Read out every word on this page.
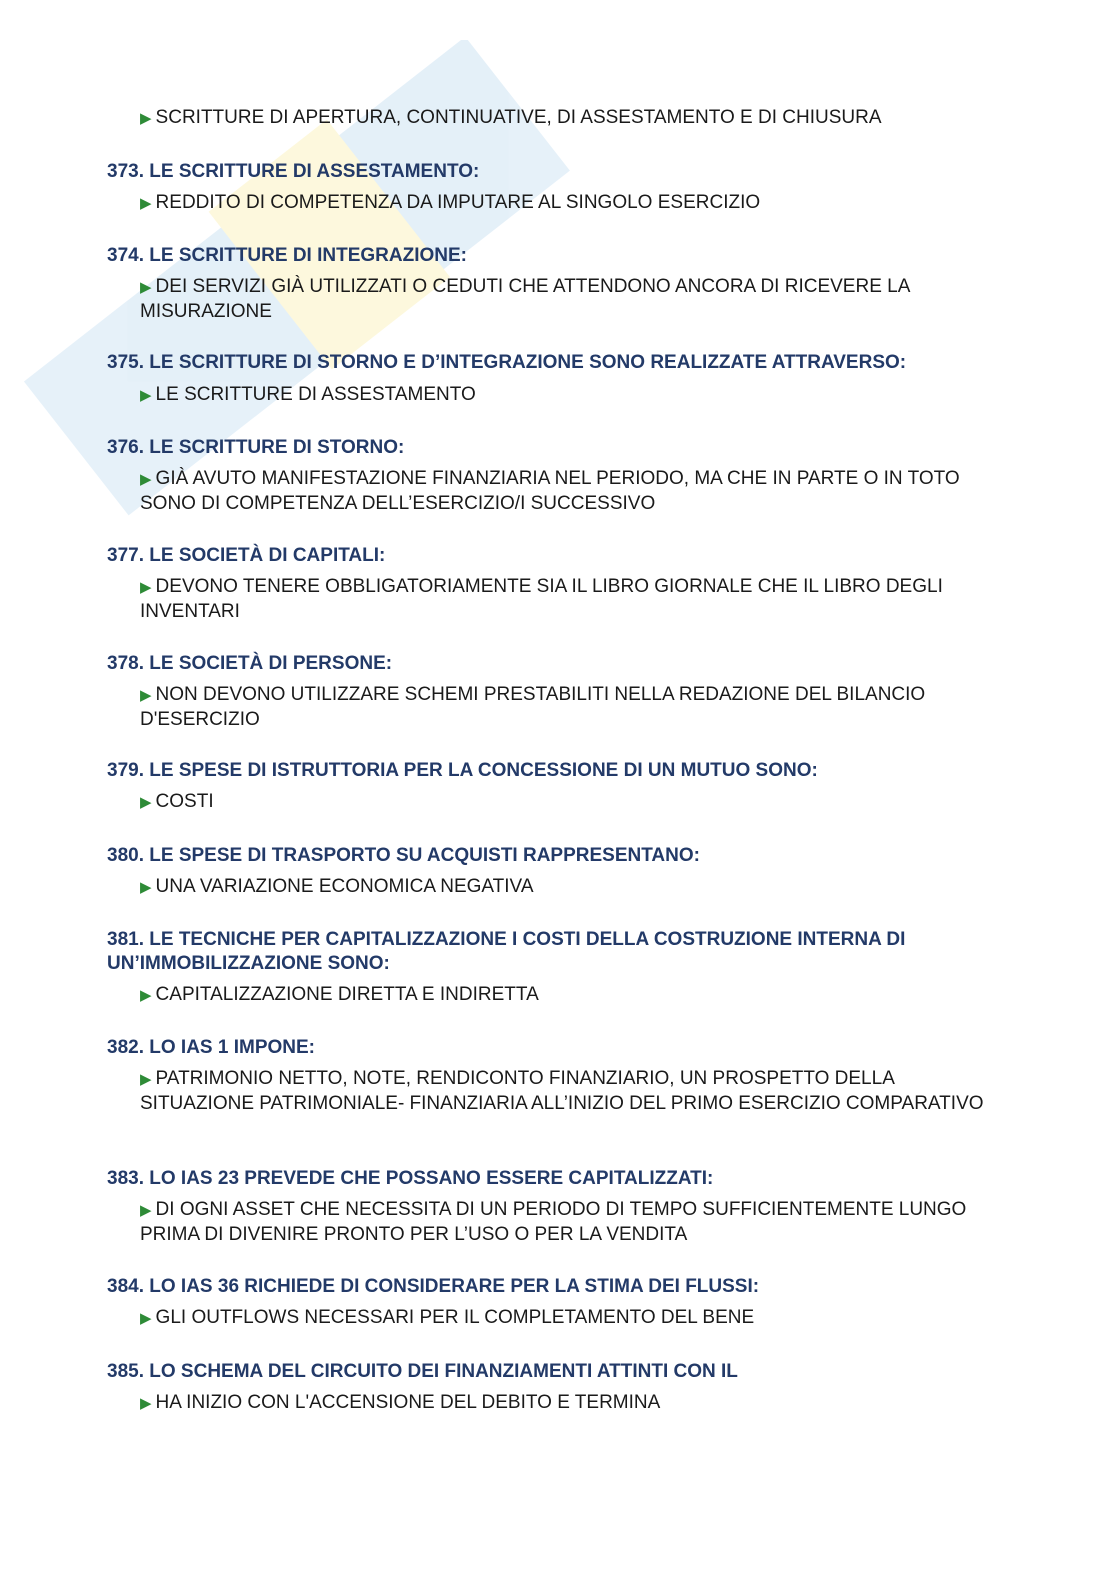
▶ SCRITTURE DI APERTURA, CONTINUATIVE, DI ASSESTAMENTO E DI CHIUSURA
373. LE SCRITTURE DI ASSESTAMENTO:
▶ REDDITO DI COMPETENZA DA IMPUTARE AL SINGOLO ESERCIZIO
374. LE SCRITTURE DI INTEGRAZIONE:
▶ DEI SERVIZI GIÀ UTILIZZATI O CEDUTI CHE ATTENDONO ANCORA DI RICEVERE LA MISURAZIONE
375. LE SCRITTURE DI STORNO E D’INTEGRAZIONE SONO REALIZZATE ATTRAVERSO:
▶ LE SCRITTURE DI ASSESTAMENTO
376. LE SCRITTURE DI STORNO:
▶ GIÀ AVUTO MANIFESTAZIONE FINANZIARIA NEL PERIODO, MA CHE IN PARTE O IN TOTO SONO DI COMPETENZA DELL’ESERCIZIO/I SUCCESSIVO
377. LE SOCIETÀ DI CAPITALI:
▶ DEVONO TENERE OBBLIGATORIAMENTE SIA IL LIBRO GIORNALE CHE IL LIBRO DEGLI INVENTARI
378. LE SOCIETÀ DI PERSONE:
▶ NON DEVONO UTILIZZARE SCHEMI PRESTABILITI NELLA REDAZIONE DEL BILANCIO D'ESERCIZIO
379. LE SPESE DI ISTRUTTORIA PER LA CONCESSIONE DI UN MUTUO SONO:
▶ COSTI
380. LE SPESE DI TRASPORTO SU ACQUISTI RAPPRESENTANO:
▶ UNA VARIAZIONE ECONOMICA NEGATIVA
381. LE TECNICHE PER CAPITALIZZAZIONE I COSTI DELLA COSTRUZIONE INTERNA DI UN’IMMOBILIZZAZIONE SONO:
▶ CAPITALIZZAZIONE DIRETTA E INDIRETTA
382. LO IAS 1 IMPONE:
▶ PATRIMONIO NETTO, NOTE, RENDICONTO FINANZIARIO, UN PROSPETTO DELLA SITUAZIONE PATRIMONIALE- FINANZIARIA ALL’INIZIO DEL PRIMO ESERCIZIO COMPARATIVO
383. LO IAS 23 PREVEDE CHE POSSANO ESSERE CAPITALIZZATI:
▶ DI OGNI ASSET CHE NECESSITA DI UN PERIODO DI TEMPO SUFFICIENTEMENTE LUNGO PRIMA DI DIVENIRE PRONTO PER L’USO O PER LA VENDITA
384. LO IAS 36 RICHIEDE DI CONSIDERARE PER LA STIMA DEI FLUSSI:
▶ GLI OUTFLOWS NECESSARI PER IL COMPLETAMENTO DEL BENE
385. LO SCHEMA DEL CIRCUITO DEI FINANZIAMENTI ATTINTI CON IL
▶ HA INIZIO CON L'ACCENSIONE DEL DEBITO E TERMINA
